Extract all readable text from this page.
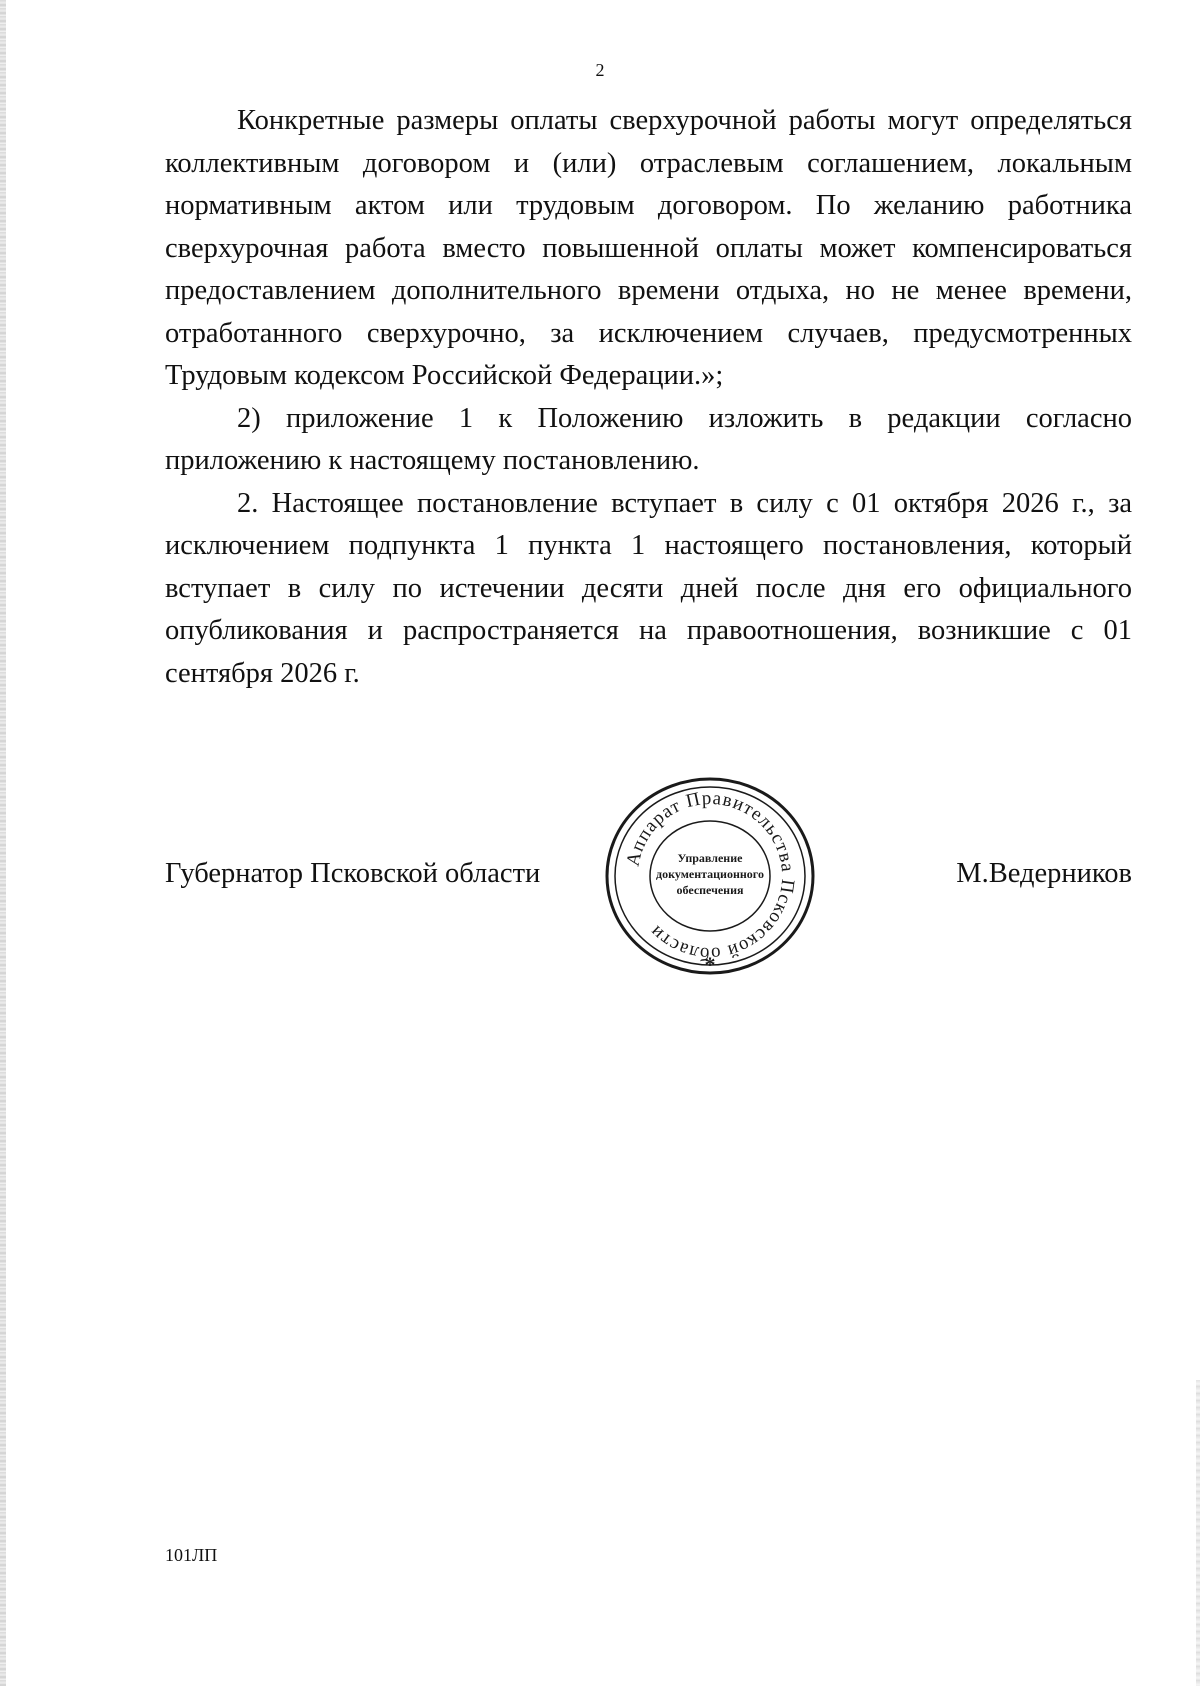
2

Конкретные размеры оплаты сверхурочной работы могут определяться коллективным договором и (или) отраслевым соглашением, локальным нормативным актом или трудовым договором. По желанию работника сверхурочная работа вместо повышенной оплаты может компенсироваться предоставлением дополнительного времени отдыха, но не менее времени, отработанного сверхурочно, за исключением случаев, предусмотренных Трудовым кодексом Российской Федерации.»;

2) приложение 1 к Положению изложить в редакции согласно приложению к настоящему постановлению.

2. Настоящее постановление вступает в силу с 01 октября 2026 г., за исключением подпункта 1 пункта 1 настоящего постановления, который вступает в силу по истечении десяти дней после дня его официального опубликования и распространяется на правоотношения, возникшие с 01 сентября 2026 г.

Губернатор Псковской области	Аппарат Правительства Псковской области
Управление
документационного
обеспечения
*
М.Ведерников
101ЛП
